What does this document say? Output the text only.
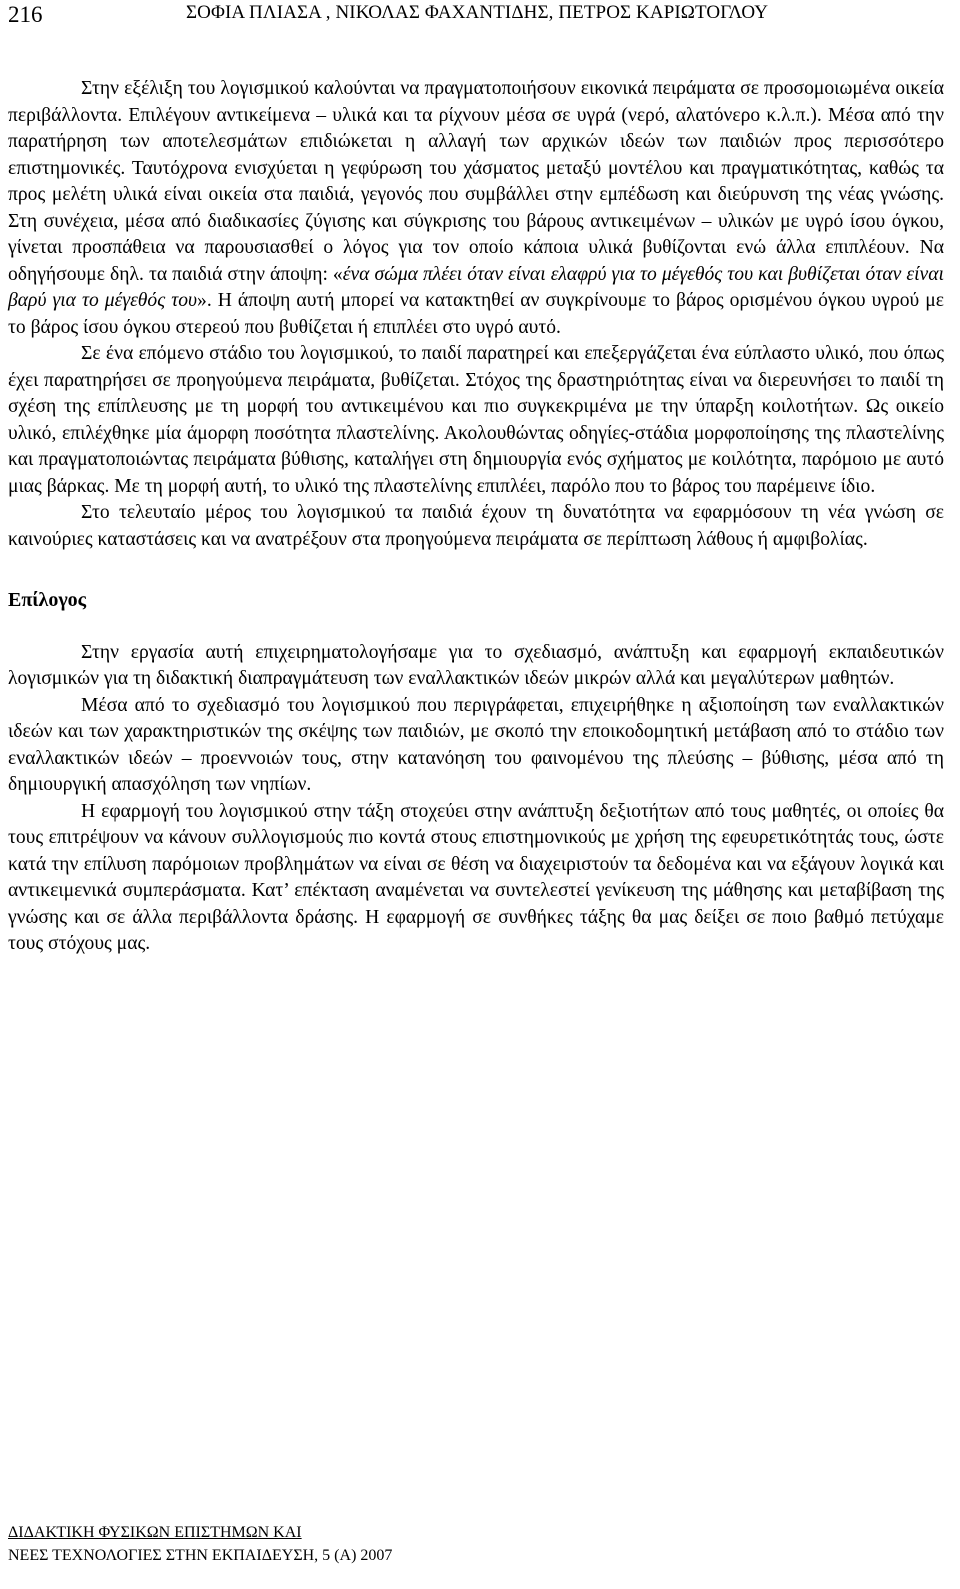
216	ΣΟΦΙΑ ΠΛΙΑΣΑ , ΝΙΚΟΛΑΣ ΦΑΧΑΝΤΙΔΗΣ, ΠΕΤΡΟΣ ΚΑΡΙΩΤΟΓΛΟΥ

Στην εξέλιξη του λογισμικού καλούνται να πραγματοποιήσουν εικονικά πειράματα σε προσομοιωμένα οικεία περιβάλλοντα. Επιλέγουν αντικείμενα – υλικά και τα ρίχνουν μέσα σε υγρά (νερό, αλατόνερο κ.λ.π.). Μέσα από την παρατήρηση των αποτελεσμάτων επιδιώκεται η αλλαγή των αρχικών ιδεών των παιδιών προς περισσότερο επιστημονικές. Ταυτόχρονα ενισχύεται η γεφύρωση του χάσματος μεταξύ μοντέλου και πραγματικότητας, καθώς τα προς μελέτη υλικά είναι οικεία στα παιδιά, γεγονός που συμβάλλει στην εμπέδωση και διεύρυνση της νέας γνώσης. Στη συνέχεια, μέσα από διαδικασίες ζύγισης και σύγκρισης του βάρους αντικειμένων – υλικών με υγρό ίσου όγκου, γίνεται προσπάθεια να παρουσιασθεί ο λόγος για τον οποίο κάποια υλικά βυθίζονται ενώ άλλα επιπλέουν. Να οδηγήσουμε δηλ. τα παιδιά στην άποψη: «ένα σώμα πλέει όταν είναι ελαφρύ για το μέγεθός του και βυθίζεται όταν είναι βαρύ για το μέγεθός του». Η άποψη αυτή μπορεί να κατακτηθεί αν συγκρίνουμε το βάρος ορισμένου όγκου υγρού με το βάρος ίσου όγκου στερεού που βυθίζεται ή επιπλέει στο υγρό αυτό.

Σε ένα επόμενο στάδιο του λογισμικού, το παιδί παρατηρεί και επεξεργάζεται ένα εύπλαστο υλικό, που όπως έχει παρατηρήσει σε προηγούμενα πειράματα, βυθίζεται. Στόχος της δραστηριότητας είναι να διερευνήσει το παιδί τη σχέση της επίπλευσης με τη μορφή του αντικειμένου και πιο συγκεκριμένα με την ύπαρξη κοιλοτήτων. Ως οικείο υλικό, επιλέχθηκε μία άμορφη ποσότητα πλαστελίνης. Ακολουθώντας οδηγίες-στάδια μορφοποίησης της πλαστελίνης και πραγματοποιώντας πειράματα βύθισης, καταλήγει στη δημιουργία ενός σχήματος με κοιλότητα, παρόμοιο με αυτό μιας βάρκας. Με τη μορφή αυτή, το υλικό της πλαστελίνης επιπλέει, παρόλο που το βάρος του παρέμεινε ίδιο.

Στο τελευταίο μέρος του λογισμικού τα παιδιά έχουν τη δυνατότητα να εφαρμόσουν τη νέα γνώση σε καινούριες καταστάσεις και να ανατρέξουν στα προηγούμενα πειράματα σε περίπτωση λάθους ή αμφιβολίας.

Επίλογος

Στην εργασία αυτή επιχειρηματολογήσαμε για το σχεδιασμό, ανάπτυξη και εφαρμογή εκπαιδευτικών λογισμικών για τη διδακτική διαπραγμάτευση των εναλλακτικών ιδεών μικρών αλλά και μεγαλύτερων μαθητών.

Μέσα από το σχεδιασμό του λογισμικού που περιγράφεται, επιχειρήθηκε η αξιοποίηση των εναλλακτικών ιδεών και των χαρακτηριστικών της σκέψης των παιδιών, με σκοπό την εποικοδομητική μετάβαση από το στάδιο των εναλλακτικών ιδεών – προεννοιών τους, στην κατανόηση του φαινομένου της πλεύσης – βύθισης, μέσα από τη δημιουργική απασχόληση των νηπίων.

Η εφαρμογή του λογισμικού στην τάξη στοχεύει στην ανάπτυξη δεξιοτήτων από τους μαθητές, οι οποίες θα τους επιτρέψουν να κάνουν συλλογισμούς πιο κοντά στους επιστημονικούς με χρήση της εφευρετικότητάς τους, ώστε κατά την επίλυση παρόμοιων προβλημάτων να είναι σε θέση να διαχειριστούν τα δεδομένα και να εξάγουν λογικά και αντικειμενικά συμπεράσματα. Κατ’ επέκταση αναμένεται να συντελεστεί γενίκευση της μάθησης και μεταβίβαση της γνώσης και σε άλλα περιβάλλοντα δράσης. Η εφαρμογή σε συνθήκες τάξης θα μας δείξει σε ποιο βαθμό πετύχαμε τους στόχους μας.

ΔΙΔΑΚΤΙΚΗ ΦΥΣΙΚΩΝ ΕΠΙΣΤΗΜΩΝ ΚΑΙ
ΝΕΕΣ ΤΕΧΝΟΛΟΓΙΕΣ ΣΤΗΝ ΕΚΠΑΙΔΕΥΣΗ, 5 (Α) 2007
